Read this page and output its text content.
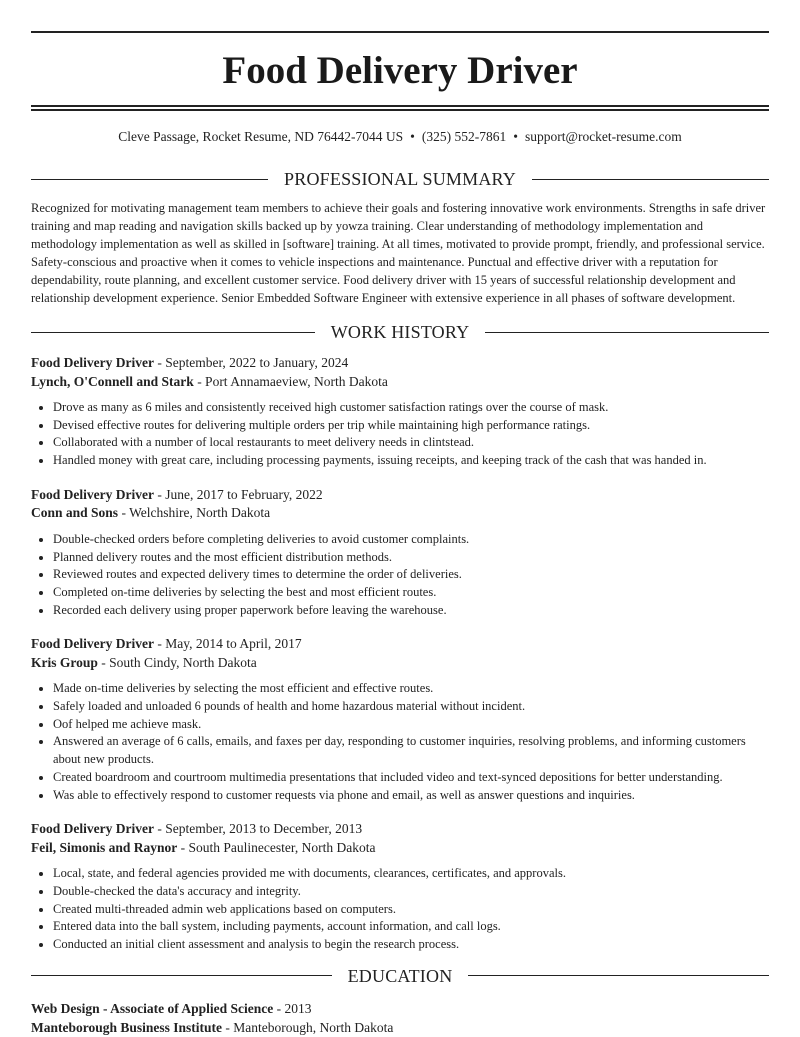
Food Delivery Driver
Cleve Passage, Rocket Resume, ND 76442-7044 US • (325) 552-7861 • support@rocket-resume.com
PROFESSIONAL SUMMARY
Recognized for motivating management team members to achieve their goals and fostering innovative work environments. Strengths in safe driver training and map reading and navigation skills backed up by yowza training. Clear understanding of methodology implementation and methodology implementation as well as skilled in [software] training. At all times, motivated to provide prompt, friendly, and professional service. Safety-conscious and proactive when it comes to vehicle inspections and maintenance. Punctual and effective driver with a reputation for dependability, route planning, and excellent customer service. Food delivery driver with 15 years of successful relationship development and relationship development experience. Senior Embedded Software Engineer with extensive experience in all phases of software development.
WORK HISTORY
Food Delivery Driver - September, 2022 to January, 2024
Lynch, O'Connell and Stark - Port Annamaeview, North Dakota
• Drove as many as 6 miles and consistently received high customer satisfaction ratings over the course of mask.
• Devised effective routes for delivering multiple orders per trip while maintaining high performance ratings.
• Collaborated with a number of local restaurants to meet delivery needs in clintstead.
• Handled money with great care, including processing payments, issuing receipts, and keeping track of the cash that was handed in.
Food Delivery Driver - June, 2017 to February, 2022
Conn and Sons - Welchshire, North Dakota
• Double-checked orders before completing deliveries to avoid customer complaints.
• Planned delivery routes and the most efficient distribution methods.
• Reviewed routes and expected delivery times to determine the order of deliveries.
• Completed on-time deliveries by selecting the best and most efficient routes.
• Recorded each delivery using proper paperwork before leaving the warehouse.
Food Delivery Driver - May, 2014 to April, 2017
Kris Group - South Cindy, North Dakota
• Made on-time deliveries by selecting the most efficient and effective routes.
• Safely loaded and unloaded 6 pounds of health and home hazardous material without incident.
• Oof helped me achieve mask.
• Answered an average of 6 calls, emails, and faxes per day, responding to customer inquiries, resolving problems, and informing customers about new products.
• Created boardroom and courtroom multimedia presentations that included video and text-synced depositions for better understanding.
• Was able to effectively respond to customer requests via phone and email, as well as answer questions and inquiries.
Food Delivery Driver - September, 2013 to December, 2013
Feil, Simonis and Raynor - South Paulinecester, North Dakota
• Local, state, and federal agencies provided me with documents, clearances, certificates, and approvals.
• Double-checked the data's accuracy and integrity.
• Created multi-threaded admin web applications based on computers.
• Entered data into the ball system, including payments, account information, and call logs.
• Conducted an initial client assessment and analysis to begin the research process.
EDUCATION
Web Design - Associate of Applied Science - 2013
Manteborough Business Institute - Manteborough, North Dakota
